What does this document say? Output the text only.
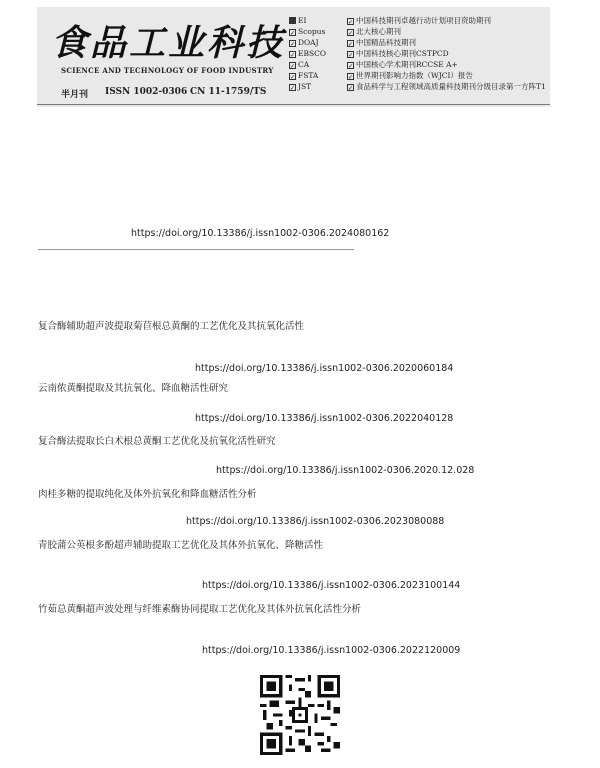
食品工业科技
SCIENCE AND TECHNOLOGY OF FOOD INDUSTRY
半月刊 ISSN 1002-0306 CN 11-1759/TS
EI
✓ Scopus
✓ DOAJ
✓ EBSCO
✓ CA
✓ FSTA
✓ JST
✓ 中国科技期刊卓越行动计划项目资助期刊
✓ 北大核心期刊
✓ 中国精品科技期刊
✓ 中国科技核心期刊CSTPCD
✓ 中国核心学术期刊RCCSE A+
✓ 世界期刊影响力指数（WJCI）报告
✓ 食品科学与工程领域高质量科技期刊分级目录第一方阵T1
https://doi.org/10.13386/j.issn1002-0306.2024080162
复合酶辅助超声波提取菊苣根总黄酮的工艺优化及其抗氧化活性
https://doi.org/10.13386/j.issn1002-0306.2020060184
云南侬黄酮提取及其抗氧化、降血糖活性研究
https://doi.org/10.13386/j.issn1002-0306.2022040128
复合酶法提取长白术根总黄酮工艺优化及抗氧化活性研究
https://doi.org/10.13386/j.issn1002-0306.2020.12.028
肉桂多糖的提取纯化及体外抗氧化和降血糖活性分析
https://doi.org/10.13386/j.issn1002-0306.2023080088
青胶蒲公英根多酚超声辅助提取工艺优化及其体外抗氧化、降糖活性
https://doi.org/10.13386/j.issn1002-0306.2023100144
竹茹总黄酮超声波处理与纤维素酶协同提取工艺优化及其体外抗氧化活性分析
https://doi.org/10.13386/j.issn1002-0306.2022120009
